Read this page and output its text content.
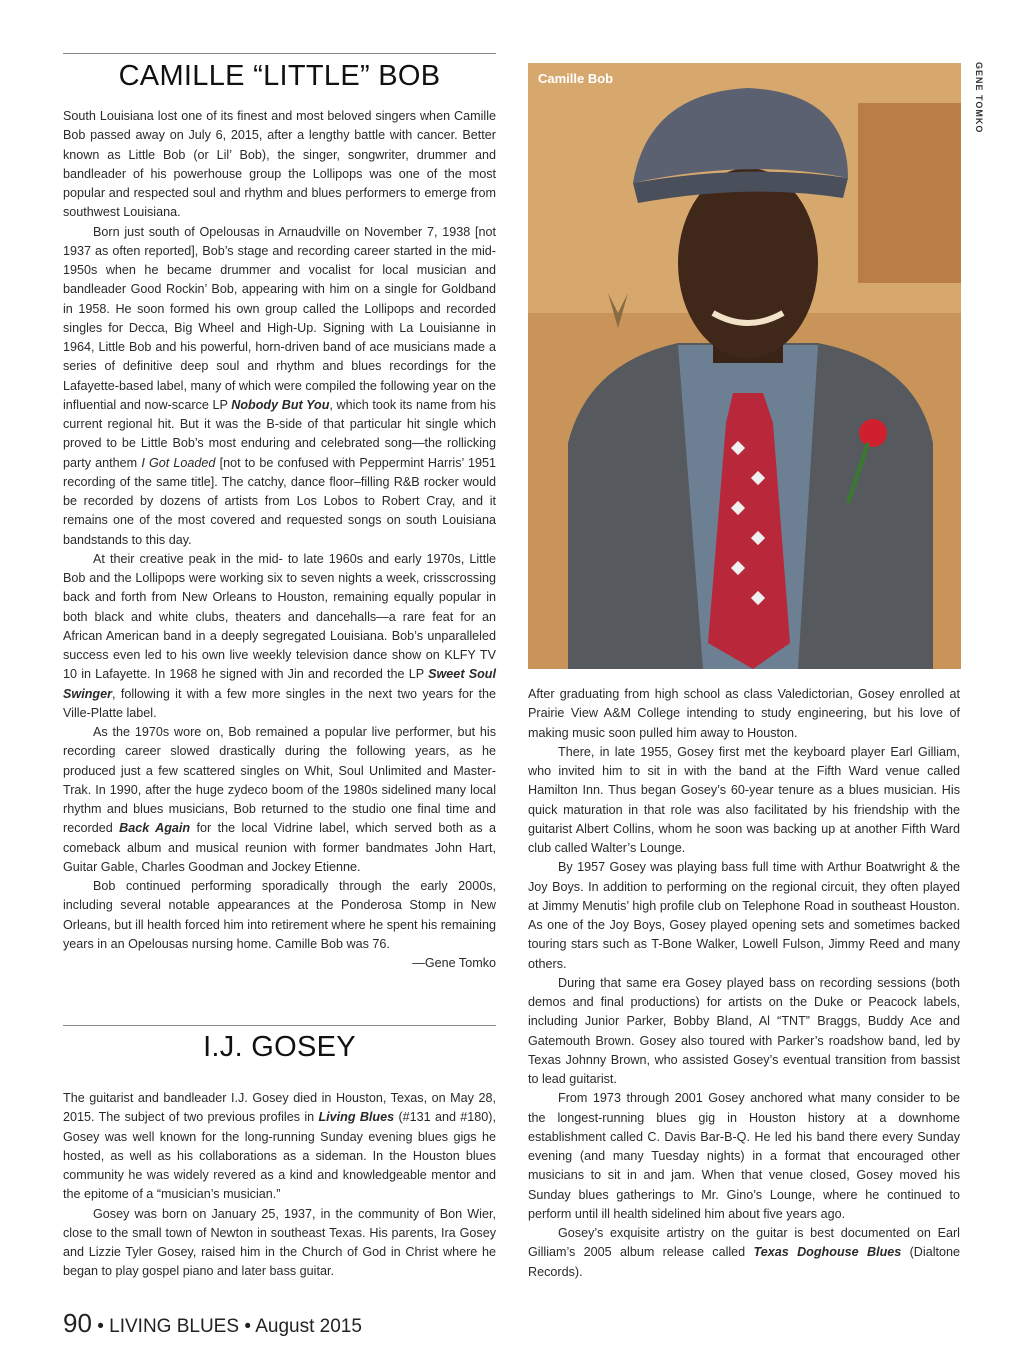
CAMILLE “LITTLE” BOB

South Louisiana lost one of its finest and most beloved singers when Camille Bob passed away on July 6, 2015, after a lengthy battle with cancer. Better known as Little Bob (or Lil’ Bob), the singer, songwriter, drummer and bandleader of his powerhouse group the Lollipops was one of the most popular and respected soul and rhythm and blues performers to emerge from southwest Louisiana.

Born just south of Opelousas in Arnaudville on November 7, 1938 [not 1937 as often reported], Bob’s stage and recording career started in the mid-1950s when he became drummer and vocalist for local musician and bandleader Good Rockin’ Bob, appearing with him on a single for Goldband in 1958. He soon formed his own group called the Lollipops and recorded singles for Decca, Big Wheel and High-Up. Signing with La Louisianne in 1964, Little Bob and his powerful, horn-driven band of ace musicians made a series of definitive deep soul and rhythm and blues recordings for the Lafayette-based label, many of which were compiled the following year on the influential and now-scarce LP Nobody But You, which took its name from his current regional hit. But it was the B-side of that particular hit single which proved to be Little Bob’s most enduring and celebrated song—the rollicking party anthem I Got Loaded [not to be confused with Peppermint Harris’ 1951 recording of the same title]. The catchy, dance floor–filling R&B rocker would be recorded by dozens of artists from Los Lobos to Robert Cray, and it remains one of the most covered and requested songs on south Louisiana bandstands to this day.

At their creative peak in the mid- to late 1960s and early 1970s, Little Bob and the Lollipops were working six to seven nights a week, crisscrossing back and forth from New Orleans to Houston, remaining equally popular in both black and white clubs, theaters and dancehalls—a rare feat for an African American band in a deeply segregated Louisiana. Bob’s unparalleled success even led to his own live weekly television dance show on KLFY TV 10 in Lafayette. In 1968 he signed with Jin and recorded the LP Sweet Soul Swinger, following it with a few more singles in the next two years for the Ville-Platte label.

As the 1970s wore on, Bob remained a popular live performer, but his recording career slowed drastically during the following years, as he produced just a few scattered singles on Whit, Soul Unlimited and Master-Trak. In 1990, after the huge zydeco boom of the 1980s sidelined many local rhythm and blues musicians, Bob returned to the studio one final time and recorded Back Again for the local Vidrine label, which served both as a comeback album and musical reunion with former bandmates John Hart, Guitar Gable, Charles Goodman and Jockey Etienne.

Bob continued performing sporadically through the early 2000s, including several notable appearances at the Ponderosa Stomp in New Orleans, but ill health forced him into retirement where he spent his remaining years in an Opelousas nursing home. Camille Bob was 76.

—Gene Tomko

I.J. GOSEY

The guitarist and bandleader I.J. Gosey died in Houston, Texas, on May 28, 2015. The subject of two previous profiles in Living Blues (#131 and #180), Gosey was well known for the long-running Sunday evening blues gigs he hosted, as well as his collaborations as a sideman. In the Houston blues community he was widely revered as a kind and knowledgeable mentor and the epitome of a “musician’s musician.”

Gosey was born on January 25, 1937, in the community of Bon Wier, close to the small town of Newton in southeast Texas. His parents, Ira Gosey and Lizzie Tyler Gosey, raised him in the Church of God in Christ where he began to play gospel piano and later bass guitar.

Camille Bob	GENE TOMKO

After graduating from high school as class Valedictorian, Gosey enrolled at Prairie View A&M College intending to study engineering, but his love of making music soon pulled him away to Houston.

There, in late 1955, Gosey first met the keyboard player Earl Gilliam, who invited him to sit in with the band at the Fifth Ward venue called Hamilton Inn. Thus began Gosey’s 60-year tenure as a blues musician. His quick maturation in that role was also facilitated by his friendship with the guitarist Albert Collins, whom he soon was backing up at another Fifth Ward club called Walter’s Lounge.

By 1957 Gosey was playing bass full time with Arthur Boatwright & the Joy Boys. In addition to performing on the regional circuit, they often played at Jimmy Menutis’ high profile club on Telephone Road in southeast Houston. As one of the Joy Boys, Gosey played opening sets and sometimes backed touring stars such as T-Bone Walker, Lowell Fulson, Jimmy Reed and many others.

During that same era Gosey played bass on recording sessions (both demos and final productions) for artists on the Duke or Peacock labels, including Junior Parker, Bobby Bland, Al “TNT” Braggs, Buddy Ace and Gatemouth Brown. Gosey also toured with Parker’s roadshow band, led by Texas Johnny Brown, who assisted Gosey’s eventual transition from bassist to lead guitarist.

From 1973 through 2001 Gosey anchored what many consider to be the longest-running blues gig in Houston history at a downhome establishment called C. Davis Bar-B-Q. He led his band there every Sunday evening (and many Tuesday nights) in a format that encouraged other musicians to sit in and jam. When that venue closed, Gosey moved his Sunday blues gatherings to Mr. Gino’s Lounge, where he continued to perform until ill health sidelined him about five years ago.

Gosey’s exquisite artistry on the guitar is best documented on Earl Gilliam’s 2005 album release called Texas Doghouse Blues (Dialtone Records).

90 • LIVING BLUES • August 2015
